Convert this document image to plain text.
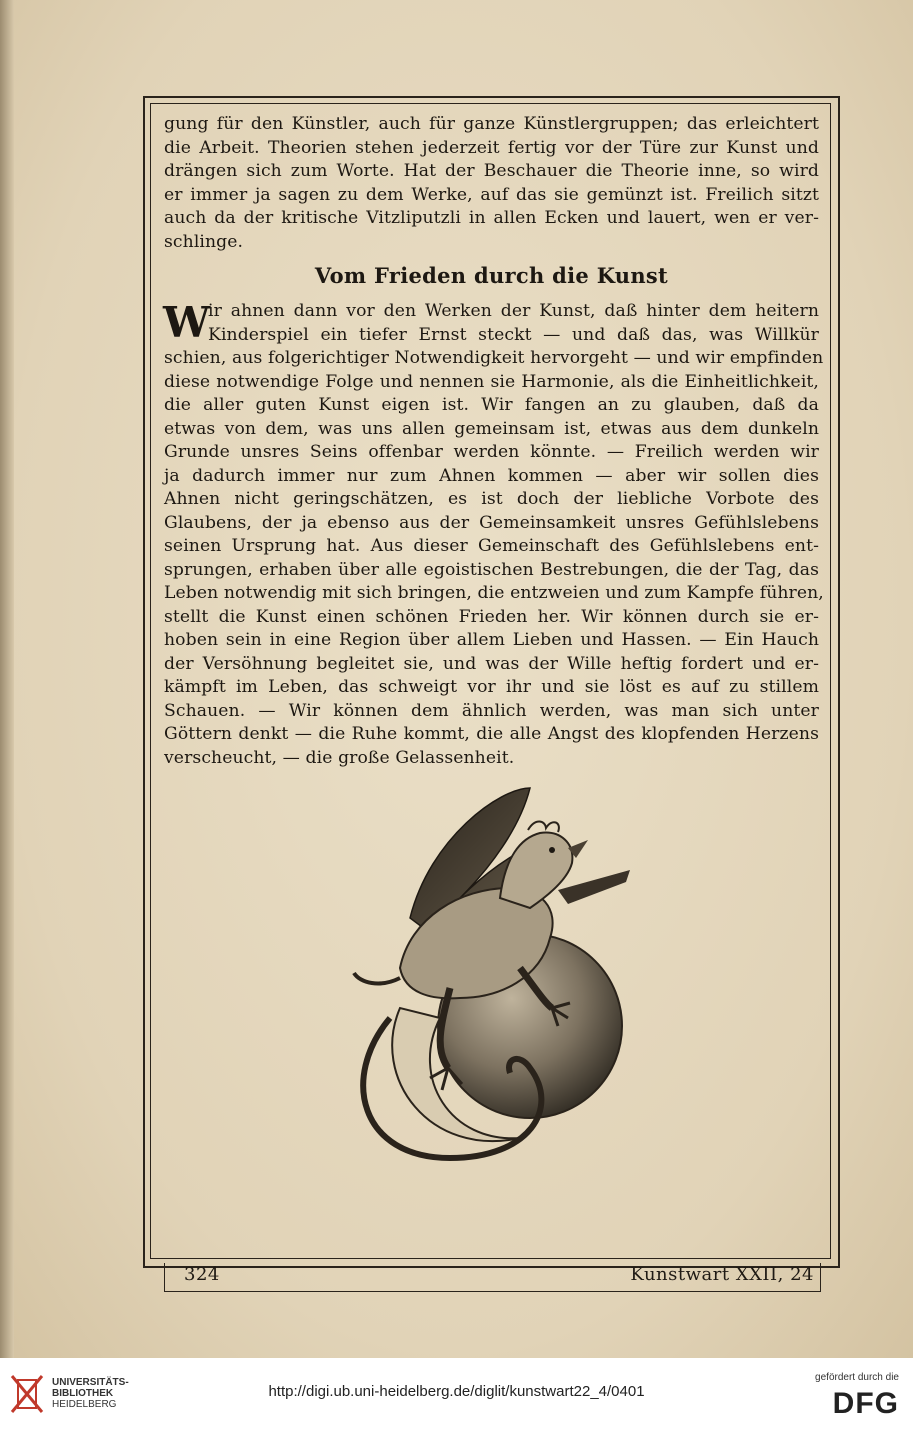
gung für den Künstler, auch für ganze Künstlergruppen; das erleichtert
die Arbeit. Theorien stehen jederzeit fertig vor der Türe zur Kunst und
drängen sich zum Worte. Hat der Beschauer die Theorie inne, so wird
er immer ja sagen zu dem Werke, auf das sie gemünzt ist. Freilich sitzt
auch da der kritische Vitzliputzli in allen Ecken und lauert, wen er ver-
schlinge.
Vom Frieden durch die Kunst
W
ir ahnen dann vor den Werken der Kunst, daß hinter dem heitern
Kinderspiel ein tiefer Ernst steckt — und daß das, was Willkür
schien, aus folgerichtiger Notwendigkeit hervorgeht — und wir empfinden
diese notwendige Folge und nennen sie Harmonie, als die Einheitlichkeit,
die aller guten Kunst eigen ist. Wir fangen an zu glauben, daß da
etwas von dem, was uns allen gemeinsam ist, etwas aus dem dunkeln
Grunde unsres Seins offenbar werden könnte. — Freilich werden wir
ja dadurch immer nur zum Ahnen kommen — aber wir sollen dies
Ahnen nicht geringschätzen, es ist doch der liebliche Vorbote des
Glaubens, der ja ebenso aus der Gemeinsamkeit unsres Gefühlslebens
seinen Ursprung hat. Aus dieser Gemeinschaft des Gefühlslebens ent-
sprungen, erhaben über alle egoistischen Bestrebungen, die der Tag, das
Leben notwendig mit sich bringen, die entzweien und zum Kampfe führen,
stellt die Kunst einen schönen Frieden her. Wir können durch sie er-
hoben sein in eine Region über allem Lieben und Hassen. — Ein Hauch
der Versöhnung begleitet sie, und was der Wille heftig fordert und er-
kämpft im Leben, das schweigt vor ihr und sie löst es auf zu stillem
Schauen. — Wir können dem ähnlich werden, was man sich unter
Göttern denkt — die Ruhe kommt, die alle Angst des klopfenden Herzens
verscheucht, — die große Gelassenheit.
324	Kunstwart XXII, 24
UNIVERSITÄTS-
BIBLIOTHEK
HEIDELBERG
http://digi.ub.uni-heidelberg.de/diglit/kunstwart22_4/0401
gefördert durch die
DFG
